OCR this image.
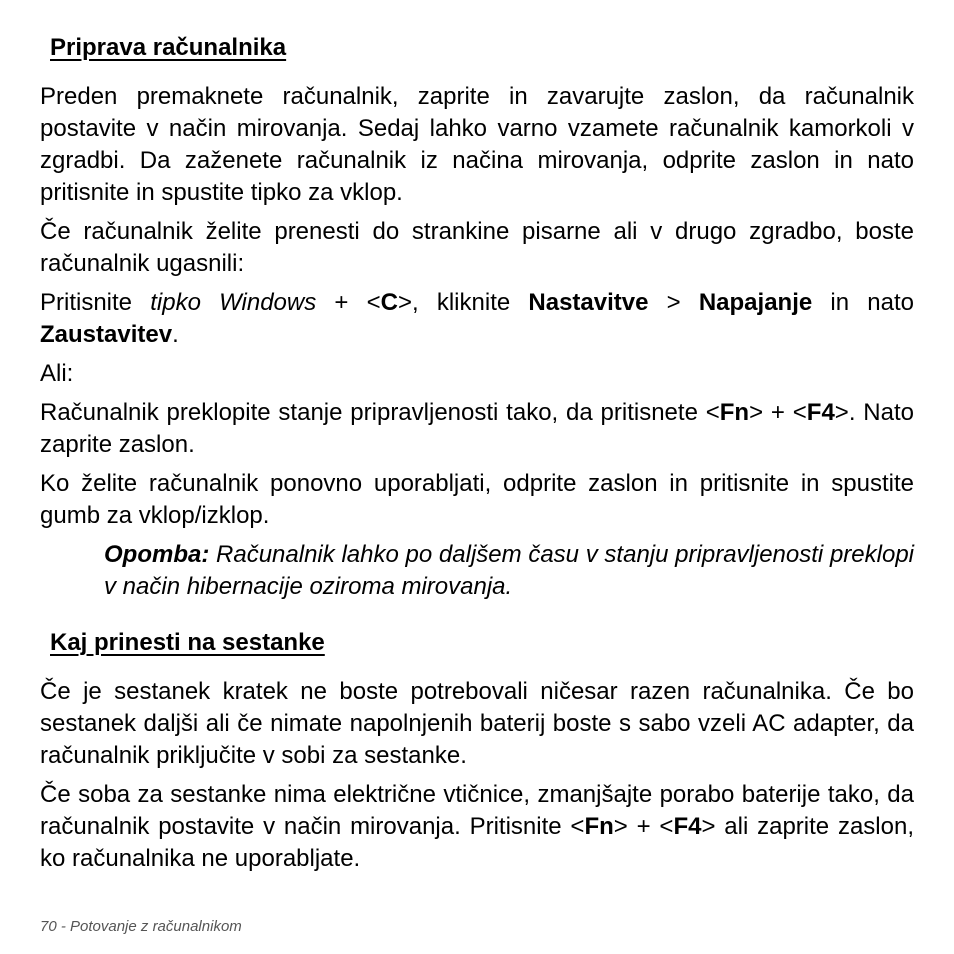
Priprava računalnika

Preden premaknete računalnik, zaprite in zavarujte zaslon, da računalnik postavite v način mirovanja. Sedaj lahko varno vzamete računalnik kamorkoli v zgradbi. Da zaženete računalnik iz načina mirovanja, odprite zaslon in nato pritisnite in spustite tipko za vklop.

Če računalnik želite prenesti do strankine pisarne ali v drugo zgradbo, boste računalnik ugasnili:

Pritisnite tipko Windows + <C>, kliknite Nastavitve > Napajanje in nato Zaustavitev.

Ali:

Računalnik preklopite stanje pripravljenosti tako, da pritisnete <Fn> + <F4>. Nato zaprite zaslon.

Ko želite računalnik ponovno uporabljati, odprite zaslon in pritisnite in spustite gumb za vklop/izklop.

Opomba: Računalnik lahko po daljšem času v stanju pripravljenosti preklopi v način hibernacije oziroma mirovanja.

Kaj prinesti na sestanke

Če je sestanek kratek ne boste potrebovali ničesar razen računalnika. Če bo sestanek daljši ali če nimate napolnjenih baterij boste s sabo vzeli AC adapter, da računalnik priključite v sobi za sestanke.

Če soba za sestanke nima električne vtičnice, zmanjšajte porabo baterije tako, da računalnik postavite v način mirovanja. Pritisnite <Fn> + <F4> ali zaprite zaslon, ko računalnika ne uporabljate.

70 - Potovanje z računalnikom
